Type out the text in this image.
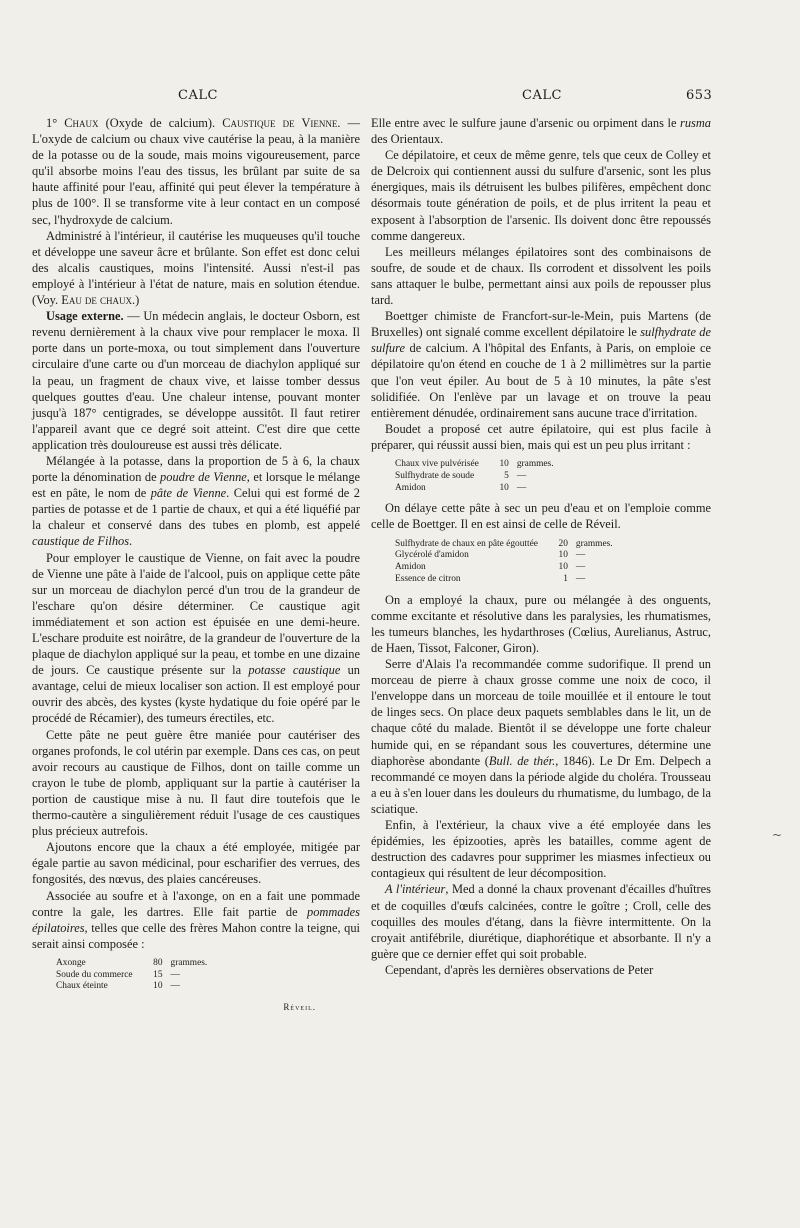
CALC	CALC	653

1° Chaux (Oxyde de calcium). Caustique de Vienne. — L'oxyde de calcium ou chaux vive cautérise la peau, à la manière de la potasse ou de la soude, mais moins vigoureusement, parce qu'il absorbe moins l'eau des tissus, les brûlant par suite de sa haute affinité pour l'eau, affinité qui peut élever la température à plus de 100°. Il se transforme vite à leur contact en un composé sec, l'hydroxyde de calcium.

Administré à l'intérieur, il cautérise les muqueuses qu'il touche et développe une saveur âcre et brûlante. Son effet est donc celui des alcalis caustiques, moins l'intensité. Aussi n'est-il pas employé à l'intérieur à l'état de nature, mais en solution étendue. (Voy. Eau de chaux.)

Usage externe. — Un médecin anglais, le docteur Osborn, est revenu dernièrement à la chaux vive pour remplacer le moxa. Il porte dans un porte-moxa, ou tout simplement dans l'ouverture circulaire d'une carte ou d'un morceau de diachylon appliqué sur la peau, un fragment de chaux vive, et laisse tomber dessus quelques gouttes d'eau. Une chaleur intense, pouvant monter jusqu'à 187° centigrades, se développe aussitôt. Il faut retirer l'appareil avant que ce degré soit atteint. C'est dire que cette application très douloureuse est aussi très délicate.

Mélangée à la potasse, dans la proportion de 5 à 6, la chaux porte la dénomination de poudre de Vienne, et lorsque le mélange est en pâte, le nom de pâte de Vienne. Celui qui est formé de 2 parties de potasse et de 1 partie de chaux, et qui a été liquéfié par la chaleur et conservé dans des tubes en plomb, est appelé caustique de Filhos.

Pour employer le caustique de Vienne, on fait avec la poudre de Vienne une pâte à l'aide de l'alcool, puis on applique cette pâte sur un morceau de diachylon percé d'un trou de la grandeur de l'eschare qu'on désire déterminer. Ce caustique agit immédiatement et son action est épuisée en une demi-heure. L'eschare produite est noirâtre, de la grandeur de l'ouverture de la plaque de diachylon appliqué sur la peau, et tombe en une dizaine de jours. Ce caustique présente sur la potasse caustique un avantage, celui de mieux localiser son action. Il est employé pour ouvrir des abcès, des kystes (kyste hydatique du foie opéré par le procédé de Récamier), des tumeurs érectiles, etc.

Cette pâte ne peut guère être maniée pour cautériser des organes profonds, le col utérin par exemple. Dans ces cas, on peut avoir recours au caustique de Filhos, dont on taille comme un crayon le tube de plomb, appliquant sur la partie à cautériser la portion de caustique mise à nu. Il faut dire toutefois que le thermo-cautère a singulièrement réduit l'usage de ces caustiques plus précieux autrefois.

Ajoutons encore que la chaux a été employée, mitigée par égale partie au savon médicinal, pour escharifier des verrues, des fongosités, des nœvus, des plaies cancéreuses.

Associée au soufre et à l'axonge, on en a fait une pommade contre la gale, les dartres. Elle fait partie de pommades épilatoires, telles que celle des frères Mahon contre la teigne, qui serait ainsi composée :

Axonge	80	grammes.
Soude du commerce	15	—
Chaux éteinte	10	—
Réveil.

Elle entre avec le sulfure jaune d'arsenic ou orpiment dans le rusma des Orientaux.

Ce dépilatoire, et ceux de même genre, tels que ceux de Colley et de Delcroix qui contiennent aussi du sulfure d'arsenic, sont les plus énergiques, mais ils détruisent les bulbes pilifères, empêchent donc désormais toute génération de poils, et de plus irritent la peau et exposent à l'absorption de l'arsenic. Ils doivent donc être repoussés comme dangereux.

Les meilleurs mélanges épilatoires sont des combinaisons de soufre, de soude et de chaux. Ils corrodent et dissolvent les poils sans attaquer le bulbe, permettant ainsi aux poils de repousser plus tard.

Boettger chimiste de Francfort-sur-le-Mein, puis Martens (de Bruxelles) ont signalé comme excellent dépilatoire le sulfhydrate de sulfure de calcium. A l'hôpital des Enfants, à Paris, on emploie ce dépilatoire qu'on étend en couche de 1 à 2 millimètres sur la partie que l'on veut épiler. Au bout de 5 à 10 minutes, la pâte s'est solidifiée. On l'enlève par un lavage et on trouve la peau entièrement dénudée, ordinairement sans aucune trace d'irritation.

Boudet a proposé cet autre épilatoire, qui est plus facile à préparer, qui réussit aussi bien, mais qui est un peu plus irritant :

Chaux vive pulvérisée	10	grammes.
Sulfhydrate de soude	5	—
Amidon	10	—

On délaye cette pâte à sec un peu d'eau et on l'emploie comme celle de Boettger. Il en est ainsi de celle de Réveil.

Sulfhydrate de chaux en pâte égouttée	20	grammes.
Glycérolé d'amidon	10	—
Amidon	10	—
Essence de citron	1	—

On a employé la chaux, pure ou mélangée à des onguents, comme excitante et résolutive dans les paralysies, les rhumatismes, les tumeurs blanches, les hydarthroses (Cœlius, Aurelianus, Astruc, de Haen, Tissot, Falconer, Giron).

Serre d'Alais l'a recommandée comme sudorifique. Il prend un morceau de pierre à chaux grosse comme une noix de coco, il l'enveloppe dans un morceau de toile mouillée et il entoure le tout de linges secs. On place deux paquets semblables dans le lit, un de chaque côté du malade. Bientôt il se développe une forte chaleur humide qui, en se répandant sous les couvertures, détermine une diaphorèse abondante (Bull. de thér., 1846). Le Dr Em. Delpech a recommandé ce moyen dans la période algide du choléra. Trousseau a eu à s'en louer dans les douleurs du rhumatisme, du lumbago, de la sciatique.

Enfin, à l'extérieur, la chaux vive a été employée dans les épidémies, les épizooties, après les batailles, comme agent de destruction des cadavres pour supprimer les miasmes infectieux ou contagieux qui résultent de leur décomposition.

A l'intérieur, Med a donné la chaux provenant d'écailles d'huîtres et de coquilles d'œufs calcinées, contre le goître ; Croll, celle des coquilles des moules d'étang, dans la fièvre intermittente. On la croyait antifébrile, diurétique, diaphorétique et absorbante. Il n'y a guère que ce dernier effet qui soit probable.

Cependant, d'après les dernières observations de Peter

~
